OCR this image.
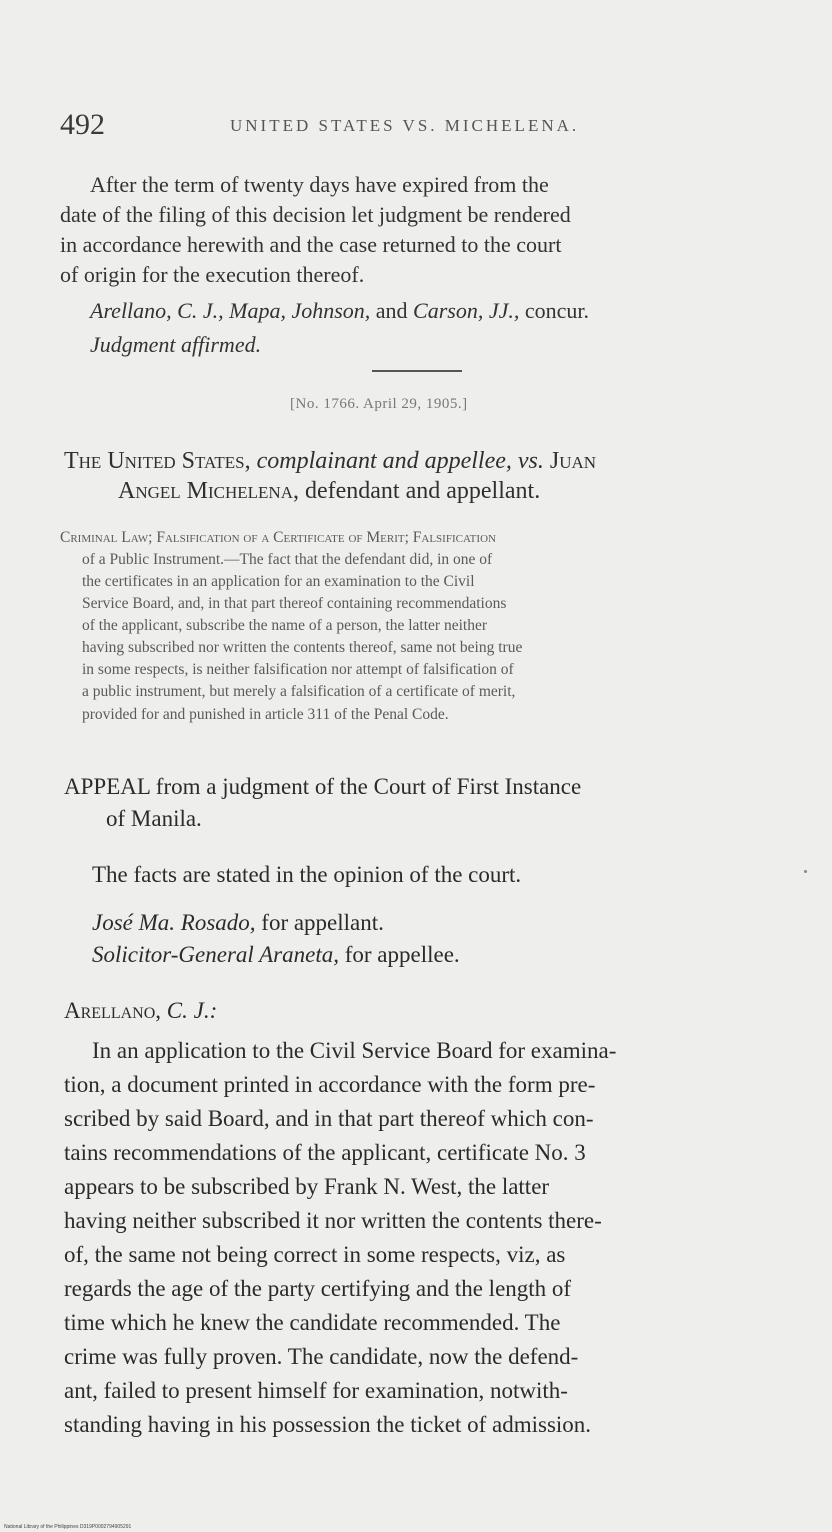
492	UNITED STATES VS. MICHELENA.
After the term of twenty days have expired from the
date of the filing of this decision let judgment be rendered
in accordance herewith and the case returned to the court
of origin for the execution thereof.
Arellano, C. J., Mapa, Johnson, and Carson, JJ., concur.
Judgment affirmed.
[No. 1766. April 29, 1905.]
The United States, complainant and appellee, vs. Juan
Angel Michelena, defendant and appellant.
Criminal Law; Falsification of a Certificate of Merit; Falsification
of a Public Instrument.—The fact that the defendant did, in one of
the certificates in an application for an examination to the Civil
Service Board, and, in that part thereof containing recommendations
of the applicant, subscribe the name of a person, the latter neither
having subscribed nor written the contents thereof, same not being true
in some respects, is neither falsification nor attempt of falsification of
a public instrument, but merely a falsification of a certificate of merit,
provided for and punished in article 311 of the Penal Code.
APPEAL from a judgment of the Court of First Instance
of Manila.
The facts are stated in the opinion of the court.
José Ma. Rosado, for appellant.
Solicitor-General Araneta, for appellee.
Arellano, C. J.:
In an application to the Civil Service Board for examina-
tion, a document printed in accordance with the form pre-
scribed by said Board, and in that part thereof which con-
tains recommendations of the applicant, certificate No. 3
appears to be subscribed by Frank N. West, the latter
having neither subscribed it nor written the contents there-
of, the same not being correct in some respects, viz, as
regards the age of the party certifying and the length of
time which he knew the candidate recommended. The
crime was fully proven. The candidate, now the defend-
ant, failed to present himself for examination, notwith-
standing having in his possession the ticket of admission.
National Library of the Philippines D319P0002794905291
